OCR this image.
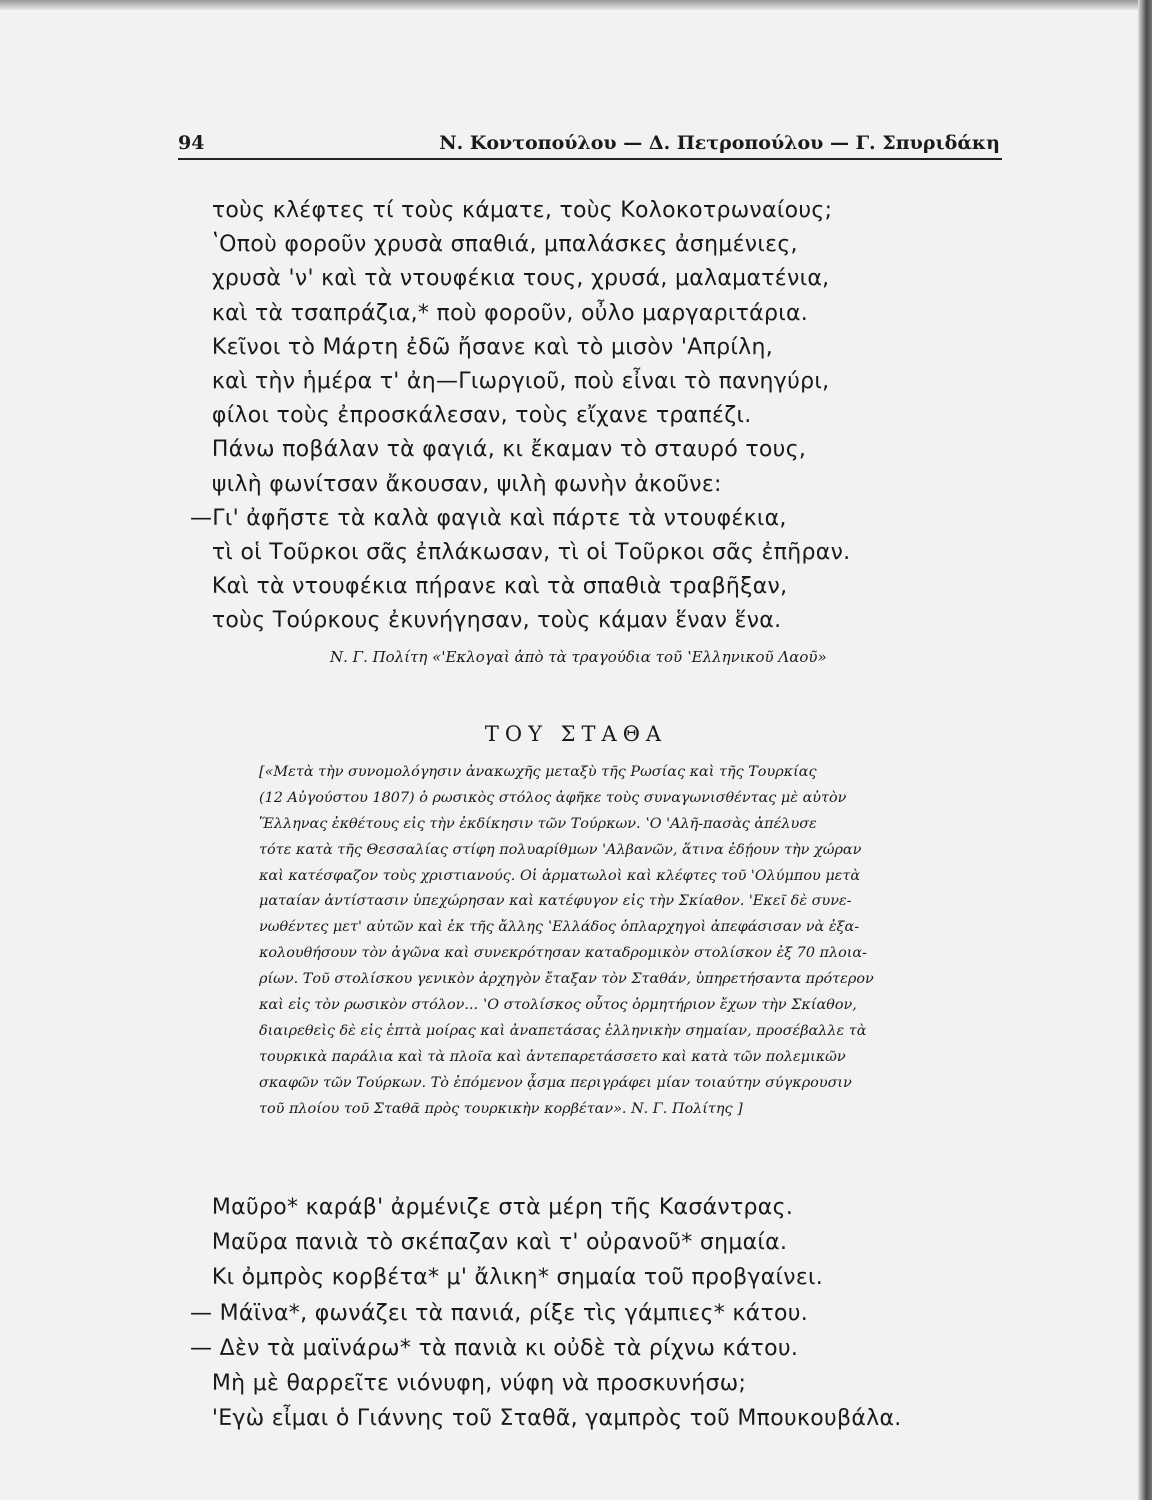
94	Ν. Κοντοπούλου — Δ. Πετροπούλου — Γ. Σπυριδάκη
τοὺς κλέφτες τί τοὺς κάματε, τοὺς Κολοκοτρωναίους;
ʽΟποὺ φοροῦν χρυσὰ σπαθιά, μπαλάσκες ἀσημένιες,
χρυσὰ 'ν' καὶ τὰ ντουφέκια τους, χρυσά, μαλαματένια,
καὶ τὰ τσαπράζια,* ποὺ φοροῦν, οὖλο μαργαριτάρια.
Κεῖνοι τὸ Μάρτη ἐδῶ ἤσανε καὶ τὸ μισὸν 'Απρίλη,
καὶ τὴν ἡμέρα τ' ἀη—Γιωργιοῦ, ποὺ εἶναι τὸ πανηγύρι,
φίλοι τοὺς ἐπροσκάλεσαν, τοὺς εἴχανε τραπέζι.
Πάνω ποβάλαν τὰ φαγιά, κι ἔκαμαν τὸ σταυρό τους,
ψιλὴ φωνίτσαν ἄκουσαν, ψιλὴ φωνὴν ἀκοῦνε:
—Γι' ἀφῆστε τὰ καλὰ φαγιὰ καὶ πάρτε τὰ ντουφέκια,
τὶ οἱ Τοῦρκοι σᾶς ἐπλάκωσαν, τὶ οἱ Τοῦρκοι σᾶς ἐπῆραν.
Καὶ τὰ ντουφέκια πήρανε καὶ τὰ σπαθιὰ τραβῆξαν,
τοὺς Τούρκους ἐκυνήγησαν, τοὺς κάμαν ἕναν ἕνα.
Ν. Γ. Πολίτη «'Εκλογαὶ ἀπὸ τὰ τραγούδια τοῦ ʽΕλληνικοῦ Λαοῦ»
ΤΟΥ ΣΤΑΘΑ
[«Μετὰ τὴν συνομολόγησιν ἀνακωχῆς μεταξὺ τῆς Ρωσίας καὶ τῆς Τουρκίας
(12 Αὐγούστου 1807) ὁ ρωσικὸς στόλος ἀφῆκε τοὺς συναγωνισθέντας μὲ αὐτὸν
Ἕλληνας ἐκθέτους εἰς τὴν ἐκδίκησιν τῶν Τούρκων. ʽΟ 'Αλῆ-πασὰς ἀπέλυσε
τότε κατὰ τῆς Θεσσαλίας στίφη πολυαρίθμων 'Αλβανῶν, ἅτινα ἐδῄουν τὴν χώραν
καὶ κατέσφαζον τοὺς χριστιανούς. Οἱ ἁρματωλοὶ καὶ κλέφτες τοῦ 'Ολύμπου μετὰ
ματαίαν ἀντίστασιν ὑπεχώρησαν καὶ κατέφυγον εἰς τὴν Σκίαθον. 'Εκεῖ δὲ συνε-
νωθέντες μετ' αὐτῶν καὶ ἐκ τῆς ἄλλης ʽΕλλάδος ὁπλαρχηγοὶ ἀπεφάσισαν νὰ ἐξα-
κολουθήσουν τὸν ἀγῶνα καὶ συνεκρότησαν καταδρομικὸν στολίσκον ἐξ 70 πλοια-
ρίων. Τοῦ στολίσκου γενικὸν ἀρχηγὸν ἔταξαν τὸν Σταθάν, ὑπηρετήσαντα πρότερον
καὶ εἰς τὸν ρωσικὸν στόλον... ʽΟ στολίσκος οὗτος ὁρμητήριον ἔχων τὴν Σκίαθον,
διαιρεθεὶς δὲ εἰς ἑπτὰ μοίρας καὶ ἀναπετάσας ἑλληνικὴν σημαίαν, προσέβαλλε τὰ
τουρκικὰ παράλια καὶ τὰ πλοῖα καὶ ἀντεπαρετάσσετο καὶ κατὰ τῶν πολεμικῶν
σκαφῶν τῶν Τούρκων. Τὸ ἑπόμενον ᾆσμα περιγράφει μίαν τοιαύτην σύγκρουσιν
τοῦ πλοίου τοῦ Σταθᾶ πρὸς τουρκικὴν κορβέταν». Ν. Γ. Πολίτης ]
Μαῦρο* καράβ' ἀρμένιζε στὰ μέρη τῆς Κασάντρας.
Μαῦρα πανιὰ τὸ σκέπαζαν καὶ τ' οὐρανοῦ* σημαία.
Κι ὀμπρὸς κορβέτα* μ' ἄλικη* σημαία τοῦ προβγαίνει.
— Μάϊνα*, φωνάζει τὰ πανιά, ρίξε τὶς γάμπιες* κάτου.
— Δὲν τὰ μαϊνάρω* τὰ πανιὰ κι οὐδὲ τὰ ρίχνω κάτου.
Μὴ μὲ θαρρεῖτε νιόνυφη, νύφη νὰ προσκυνήσω;
'Εγὼ εἶμαι ὁ Γιάννης τοῦ Σταθᾶ, γαμπρὸς τοῦ Μπουκουβάλα.
